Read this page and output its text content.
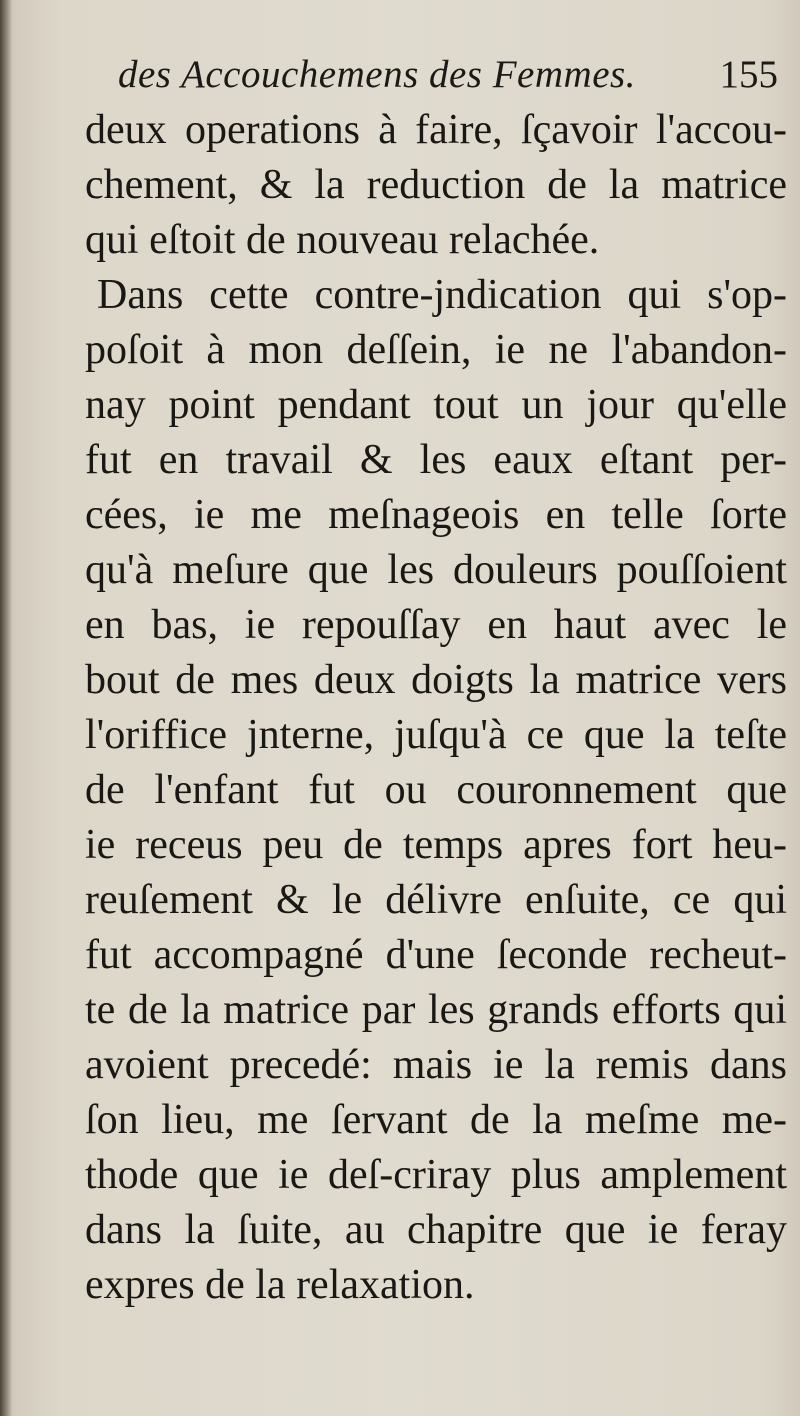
des Accouchemens des Femmes. 155
deux operations à faire, ſçavoir l'accou-
chement, & la reduction de la matrice
qui eſtoit de nouveau relachée.
Dans cette contre-jndication qui s'op-
poſoit à mon deſſein, ie ne l'abandon-
nay point pendant tout un jour qu'elle
fut en travail & les eaux eſtant per-
cées, ie me meſnageois en telle ſorte
qu'à meſure que les douleurs pouſſoient
en bas, ie repouſſay en haut avec le
bout de mes deux doigts la matrice vers
l'oriffice jnterne, juſqu'à ce que la teſte
de l'enfant fut ou couronnement que
ie receus peu de temps apres fort heu-
reuſement & le délivre enſuite, ce qui
fut accompagné d'une ſeconde recheut-
te de la matrice par les grands efforts qui
avoient precedé: mais ie la remis dans
ſon lieu, me ſervant de la meſme me-
thode que ie deſ-criray plus amplement
dans la ſuite, au chapitre que ie feray
expres de la relaxation.
